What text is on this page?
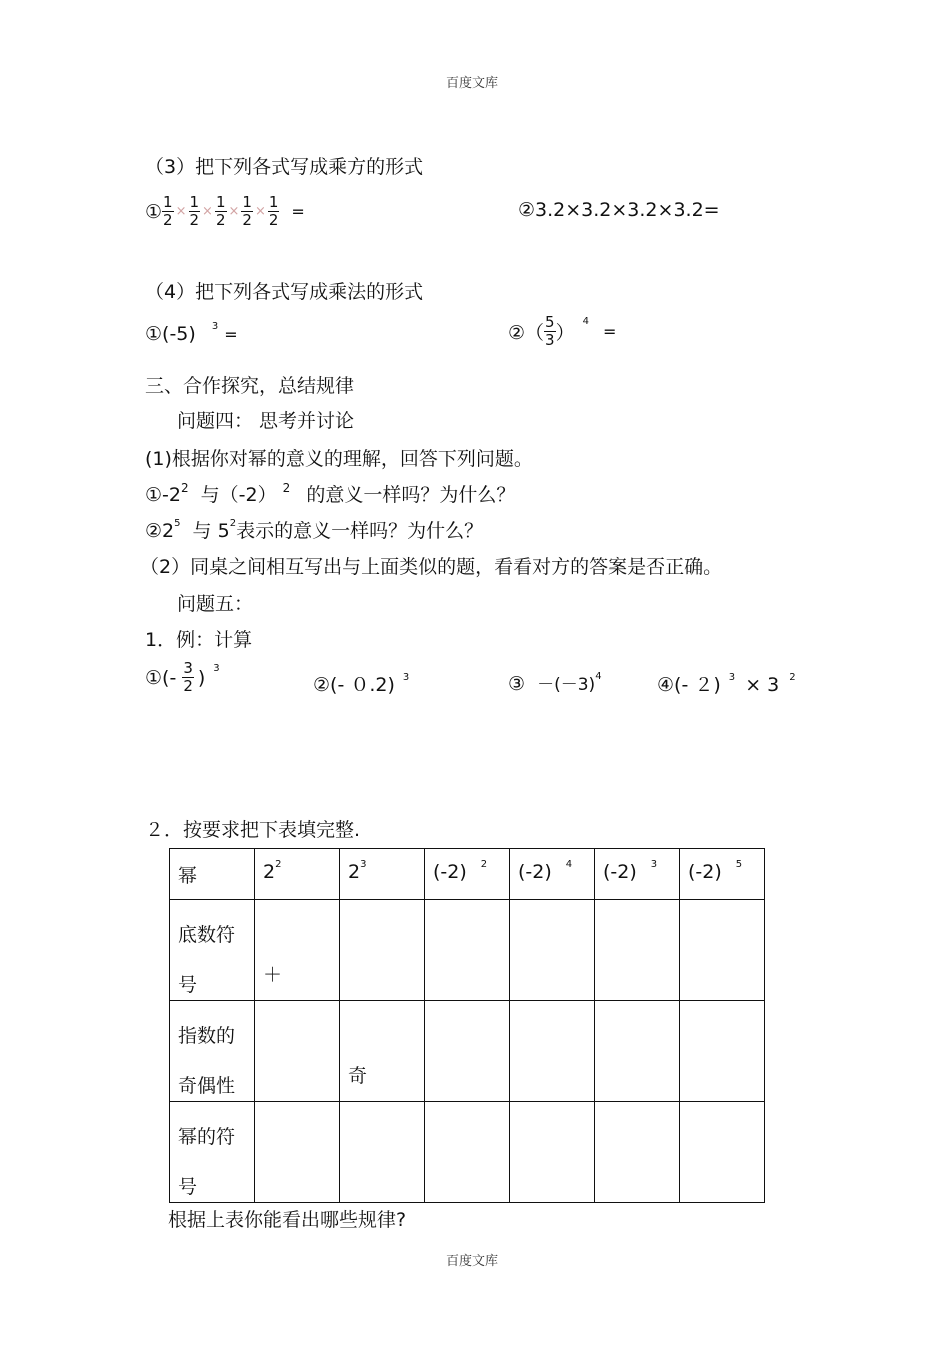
百度文库
（3）把下列各式写成乘方的形式
① $\frac{1}{2} \times \frac{1}{2} \times \frac{1}{2} \times \frac{1}{2} \times \frac{1}{2}$ =	②3.2×3.2×3.2×3.2=
（4）把下列各式写成乘法的形式
①(-5) $^3$ =	②（ $\frac{5}{3}$ ）
4
=
三、合作探究，总结规律
问题四： 思考并讨论
(1)根据你对幂的意义的理解，回答下列问题。
$①-2^2$ 与（-2） $^2$ 的意义一样吗？为什么？
$②2^5$ 与 $5^2$表示的意义一样吗？为什么？
（2）同桌之间相互写出与上面类似的题，看看对方的答案是否正确。
问题五：
1．例：计算
①(- $\frac{3}{2}$ ) 3
②(- ０.2) $^3$	③ $-(-3)^4$	④(- ２) $^3$ × 3 $^2$
２．按要求把下表填完整.
幂	$2^2$	$2^3$	(-2) $^2$	(-2) $^4$	(-2) $^3$	(-2) $^5$

底数符号	＋					

指数的奇偶性		奇				

幂的符号						

根据上表你能看出哪些规律?
百度文库
